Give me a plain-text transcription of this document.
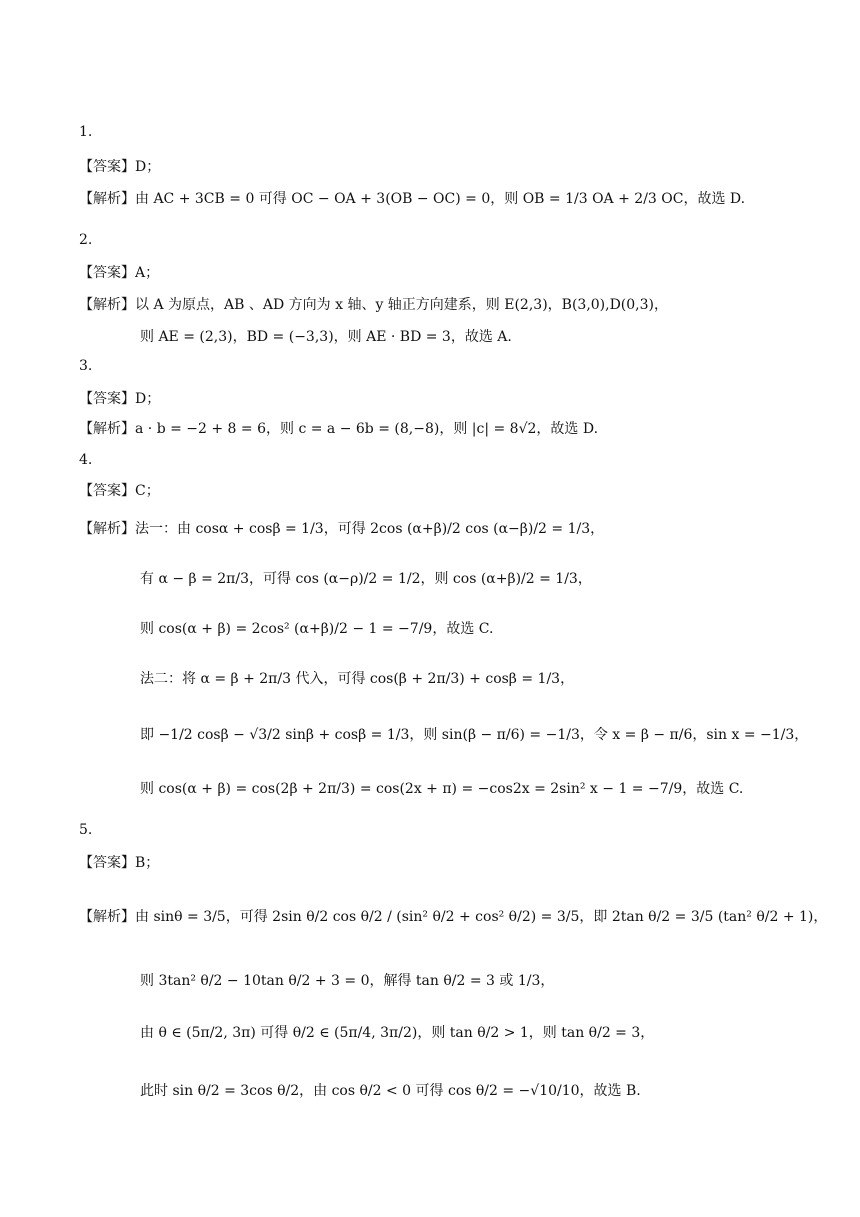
1.
【答案】D；
【解析】由 AC + 3CB = 0 可得 OC − OA + 3(OB − OC) = 0，则 OB = 1/3 OA + 2/3 OC，故选 D.
2.
【答案】A；
【解析】以 A 为原点，AB 、AD 方向为 x 轴、y 轴正方向建系，则 E(2,3)，B(3,0),D(0,3)，
则 AE = (2,3)，BD = (−3,3)，则 AE · BD = 3，故选 A.
3.
【答案】D；
【解析】a · b = −2 + 8 = 6，则 c = a − 6b = (8,−8)，则 |c| = 8√2，故选 D.
4.
【答案】C；
【解析】法一：由 cosα + cosβ = 1/3，可得 2cos (α+β)/2 cos (α−β)/2 = 1/3，
有 α − β = 2π/3，可得 cos (α−ρ)/2 = 1/2，则 cos (α+β)/2 = 1/3，
则 cos(α + β) = 2cos² (α+β)/2 − 1 = −7/9，故选 C.
法二：将 α = β + 2π/3 代入，可得 cos(β + 2π/3) + cosβ = 1/3，
即 −1/2 cosβ − √3/2 sinβ + cosβ = 1/3，则 sin(β − π/6) = −1/3，令 x = β − π/6，sin x = −1/3，
则 cos(α + β) = cos(2β + 2π/3) = cos(2x + π) = −cos2x = 2sin² x − 1 = −7/9，故选 C.
5.
【答案】B；
【解析】由 sinθ = 3/5，可得 2sin θ/2 cos θ/2 / (sin² θ/2 + cos² θ/2) = 3/5，即 2tan θ/2 = 3/5 (tan² θ/2 + 1)，
则 3tan² θ/2 − 10tan θ/2 + 3 = 0，解得 tan θ/2 = 3 或 1/3，
由 θ ∈ (5π/2, 3π) 可得 θ/2 ∈ (5π/4, 3π/2)，则 tan θ/2 > 1，则 tan θ/2 = 3，
此时 sin θ/2 = 3cos θ/2，由 cos θ/2 < 0 可得 cos θ/2 = −√10/10，故选 B.
